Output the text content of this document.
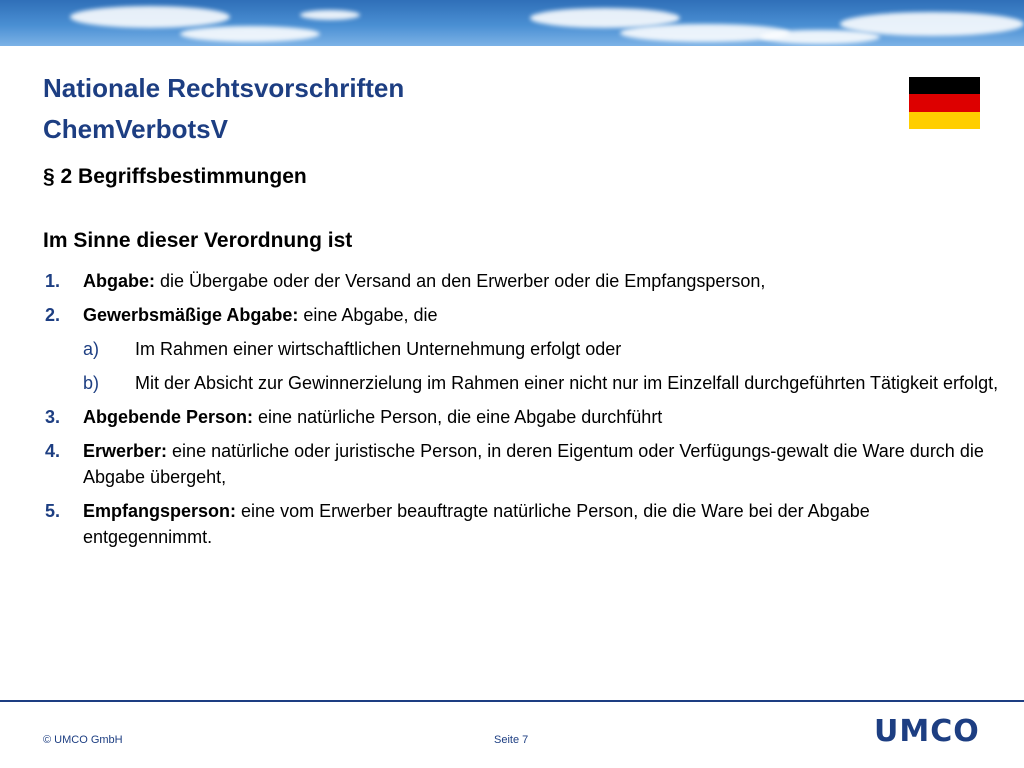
Nationale Rechtsvorschriften
ChemVerbotsV
§ 2 Begriffsbestimmungen

Im Sinne dieser Verordnung ist

1. Abgabe: die Übergabe oder der Versand an den Erwerber oder die Empfangsperson,
2. Gewerbsmäßige Abgabe: eine Abgabe, die
a) Im Rahmen einer wirtschaftlichen Unternehmung erfolgt oder
b) Mit der Absicht zur Gewinnerzielung im Rahmen einer nicht nur im Einzelfall durchgeführten Tätigkeit erfolgt,
3. Abgebende Person: eine natürliche Person, die eine Abgabe durchführt
4. Erwerber: eine natürliche oder juristische Person, in deren Eigentum oder Verfügungs-gewalt die Ware durch die Abgabe übergeht,
5. Empfangsperson: eine vom Erwerber beauftragte natürliche Person, die die Ware bei der Abgabe entgegennimmt.
© UMCO GmbH	Seite 7	UMCO
